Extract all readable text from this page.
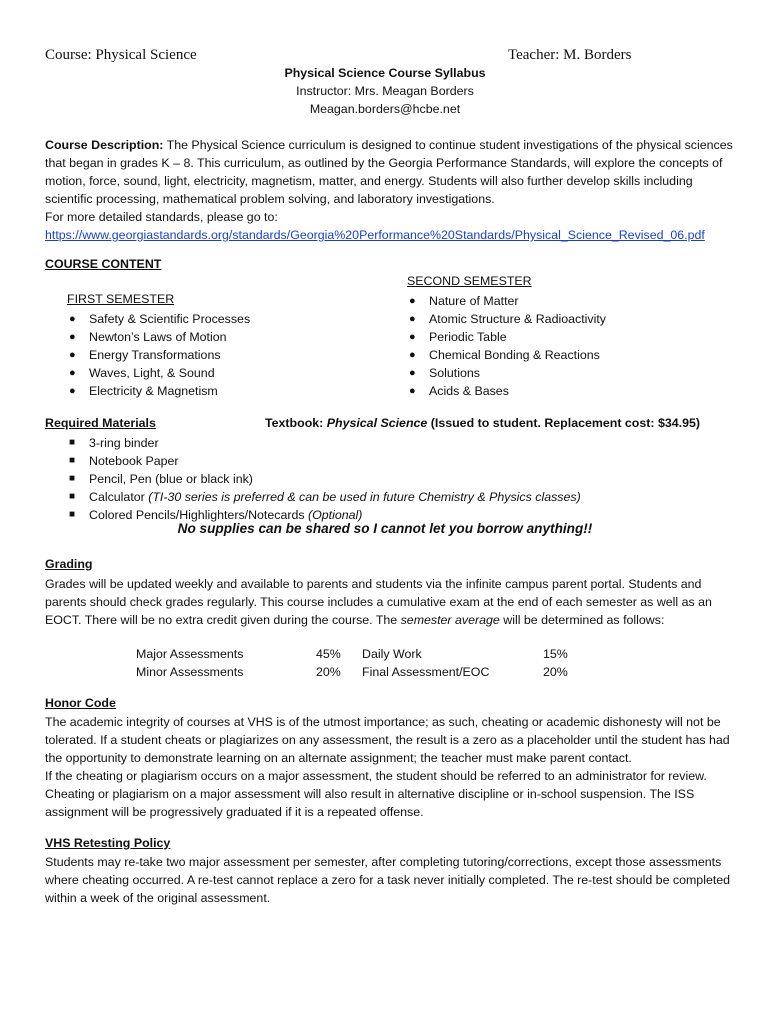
Course: Physical Science	Teacher: M. Borders
Physical Science Course Syllabus
Instructor: Mrs. Meagan Borders
Meagan.borders@hcbe.net
Course Description: The Physical Science curriculum is designed to continue student investigations of the physical sciences that began in grades K – 8. This curriculum, as outlined by the Georgia Performance Standards, will explore the concepts of motion, force, sound, light, electricity, magnetism, matter, and energy. Students will also further develop skills including scientific processing, mathematical problem solving, and laboratory investigations.
For more detailed standards, please go to:
https://www.georgiastandards.org/standards/Georgia%20Performance%20Standards/Physical_Science_Revised_06.pdf
COURSE CONTENT
FIRST SEMESTER
● Safety & Scientific Processes
● Newton’s Laws of Motion
● Energy Transformations
● Waves, Light, & Sound
● Electricity & Magnetism
SECOND SEMESTER
● Nature of Matter
● Atomic Structure & Radioactivity
● Periodic Table
● Chemical Bonding & Reactions
● Solutions
● Acids & Bases
Required Materials	Textbook: Physical Science (Issued to student. Replacement cost: $34.95)
■ 3-ring binder
■ Notebook Paper
■ Pencil, Pen (blue or black ink)
■ Calculator (TI-30 series is preferred & can be used in future Chemistry & Physics classes)
■ Colored Pencils/Highlighters/Notecards (Optional)
No supplies can be shared so I cannot let you borrow anything!!
Grading
Grades will be updated weekly and available to parents and students via the infinite campus parent portal. Students and parents should check grades regularly. This course includes a cumulative exam at the end of each semester as well as an EOCT. There will be no extra credit given during the course. The semester average will be determined as follows:
Major Assessments	45% Daily Work	15%
Minor Assessments	20% Final Assessment/EOC	20%
Honor Code
The academic integrity of courses at VHS is of the utmost importance; as such, cheating or academic dishonesty will not be tolerated. If a student cheats or plagiarizes on any assessment, the result is a zero as a placeholder until the student has had the opportunity to demonstrate learning on an alternate assignment; the teacher must make parent contact.
If the cheating or plagiarism occurs on a major assessment, the student should be referred to an administrator for review. Cheating or plagiarism on a major assessment will also result in alternative discipline or in-school suspension. The ISS assignment will be progressively graduated if it is a repeated offense.
VHS Retesting Policy
Students may re-take two major assessment per semester, after completing tutoring/corrections, except those assessments where cheating occurred. A re-test cannot replace a zero for a task never initially completed. The re-test should be completed within a week of the original assessment.
